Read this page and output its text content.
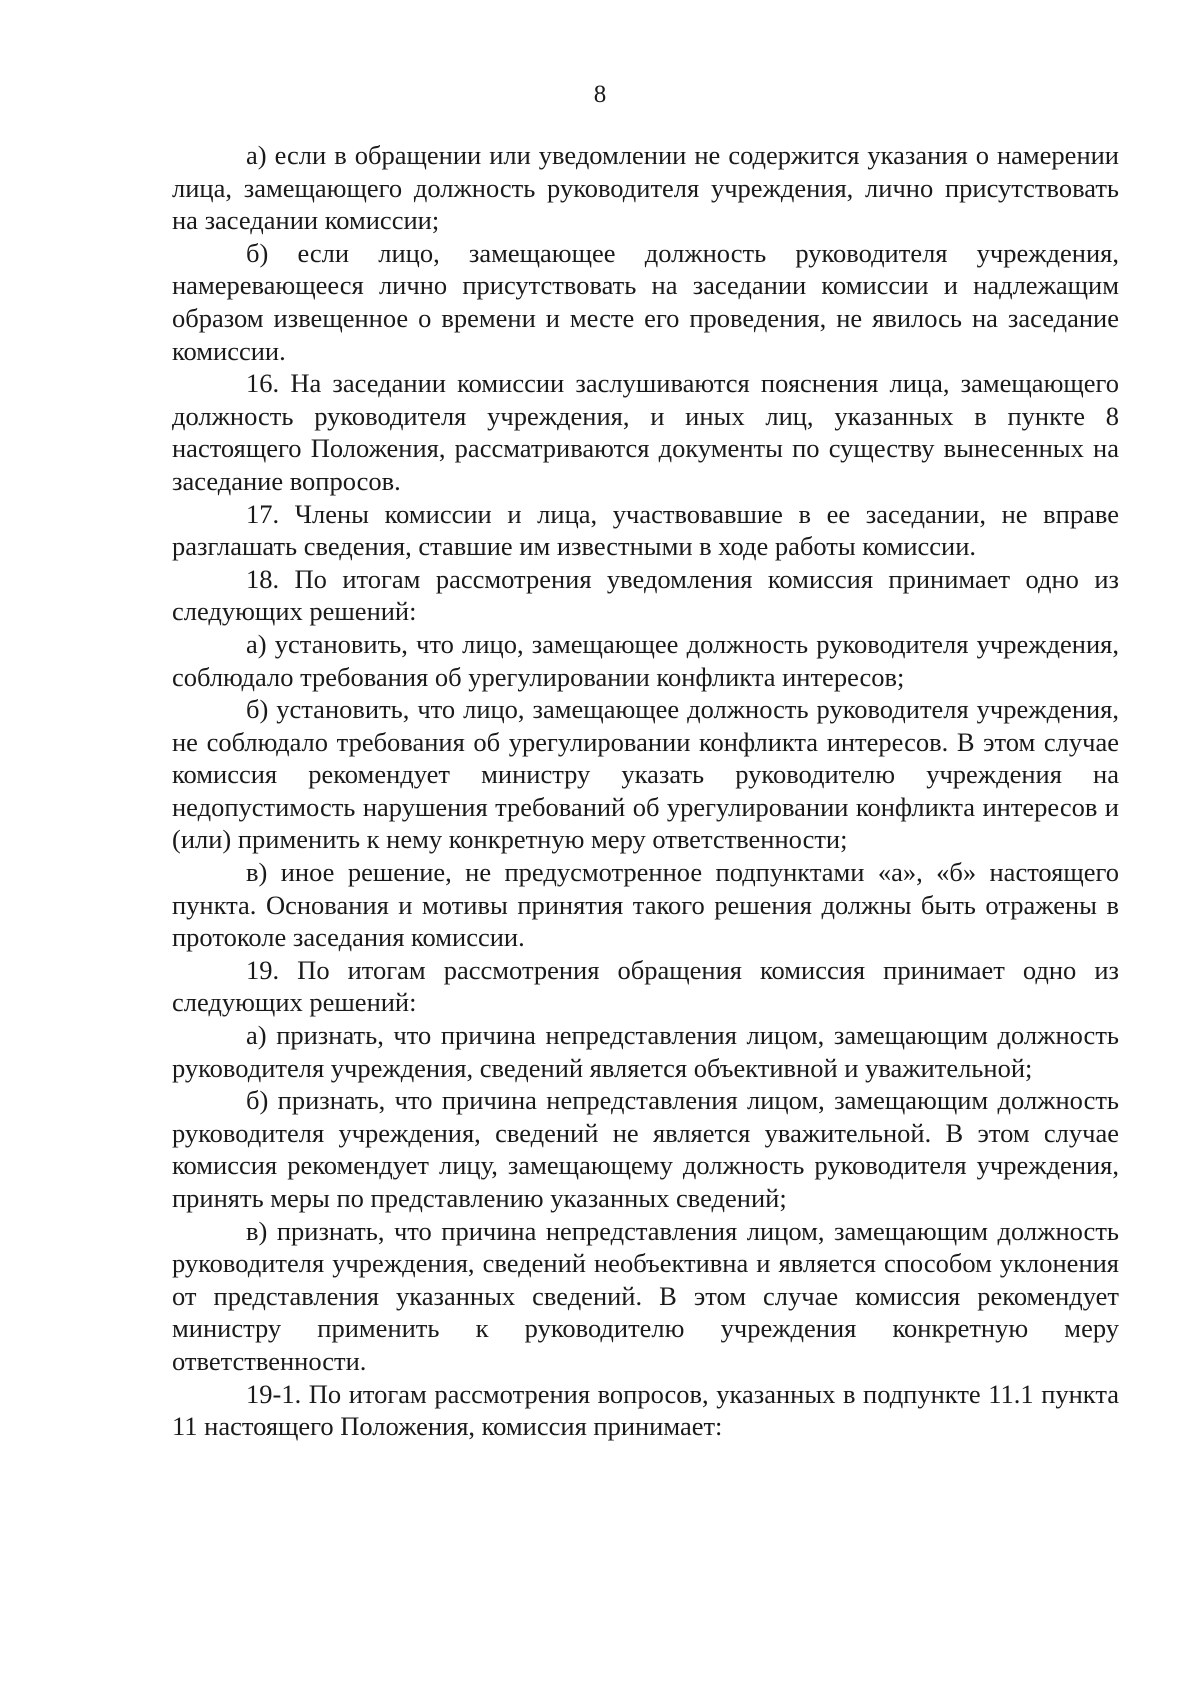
8

а) если в обращении или уведомлении не содержится указания о намерении лица, замещающего должность руководителя учреждения, лично присутствовать на заседании комиссии;

б) если лицо, замещающее должность руководителя учреждения, намеревающееся лично присутствовать на заседании комиссии и надлежащим образом извещенное о времени и месте его проведения, не явилось на заседание комиссии.

16. На заседании комиссии заслушиваются пояснения лица, замещающего должность руководителя учреждения, и иных лиц, указанных в пункте 8 настоящего Положения, рассматриваются документы по существу вынесенных на заседание вопросов.

17. Члены комиссии и лица, участвовавшие в ее заседании, не вправе разглашать сведения, ставшие им известными в ходе работы комиссии.

18. По итогам рассмотрения уведомления комиссия принимает одно из следующих решений:

а) установить, что лицо, замещающее должность руководителя учреждения, соблюдало требования об урегулировании конфликта интересов;

б) установить, что лицо, замещающее должность руководителя учреждения, не соблюдало требования об урегулировании конфликта интересов. В этом случае комиссия рекомендует министру указать руководителю учреждения на недопустимость нарушения требований об урегулировании конфликта интересов и (или) применить к нему конкретную меру ответственности;

в) иное решение, не предусмотренное подпунктами «а», «б» настоящего пункта. Основания и мотивы принятия такого решения должны быть отражены в протоколе заседания комиссии.

19. По итогам рассмотрения обращения комиссия принимает одно из следующих решений:

а) признать, что причина непредставления лицом, замещающим должность руководителя учреждения, сведений является объективной и уважительной;

б) признать, что причина непредставления лицом, замещающим должность руководителя учреждения, сведений не является уважительной. В этом случае комиссия рекомендует лицу, замещающему должность руководителя учреждения, принять меры по представлению указанных сведений;

в) признать, что причина непредставления лицом, замещающим должность руководителя учреждения, сведений необъективна и является способом уклонения от представления указанных сведений. В этом случае комиссия рекомендует министру применить к руководителю учреждения конкретную меру ответственности.

19-1. По итогам рассмотрения вопросов, указанных в подпункте 11.1 пункта 11 настоящего Положения, комиссия принимает:
